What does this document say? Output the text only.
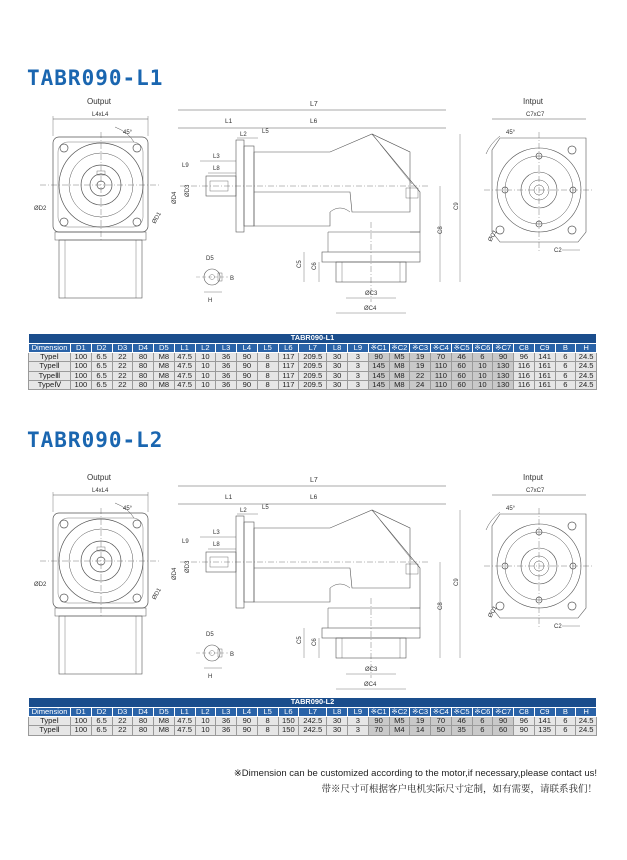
TABR090-L1
Output
L4xL4
45°
ØD2
ØD1
L7
L1	L6
L2	L5
L3
L9	L8
ØD4
ØD3
ØC3
ØC4
C5 C6
C8
C9
D5
B
H
Intput
C7xC7
45°
ØC1
C2
TABR090-L1																									
Dimension	D1	D2	D3	D4	D5	L1	L2	L3	L4	L5	L6	L7	L8	L9	※C1	※C2	※C3	※C4	※C5	※C6	※C7	C8	C9	B	H
TypeⅠ	100	6.5	22	80	M8	47.5	10	36	90	8	117	209.5	30	3	90	M5	19	70	46	6	90	96	141	6	24.5
TypeⅡ	100	6.5	22	80	M8	47.5	10	36	90	8	117	209.5	30	3	145	M8	19	110	60	10	130	116	161	6	24.5
TypeⅢ	100	6.5	22	80	M8	47.5	10	36	90	8	117	209.5	30	3	145	M8	22	110	60	10	130	116	161	6	24.5
TypeⅣ	100	6.5	22	80	M8	47.5	10	36	90	8	117	209.5	30	3	145	M8	24	110	60	10	130	116	161	6	24.5
TABR090-L2
Output
L4xL4
45°
ØD2
ØD1
L7
L1	L6
L2	L5
L3
L9	L8
ØD4
ØD3
ØC3
ØC4
C5 C6
C8
C9
D5
B
H
Intput
C7xC7
45°
ØC1
C2
TABR090-L2																									
Dimension	D1	D2	D3	D4	D5	L1	L2	L3	L4	L5	L6	L7	L8	L9	※C1	※C2	※C3	※C4	※C5	※C6	※C7	C8	C9	B	H
TypeⅠ	100	6.5	22	80	M8	47.5	10	36	90	8	150	242.5	30	3	90	M5	19	70	46	6	90	96	141	6	24.5
TypeⅡ	100	6.5	22	80	M8	47.5	10	36	90	8	150	242.5	30	3	70	M4	14	50	35	6	60	90	135	6	24.5
※Dimension can be customized according to the motor,if necessary,please contact us!
带※尺寸可根据客户电机实际尺寸定制，如有需要，请联系我们！
